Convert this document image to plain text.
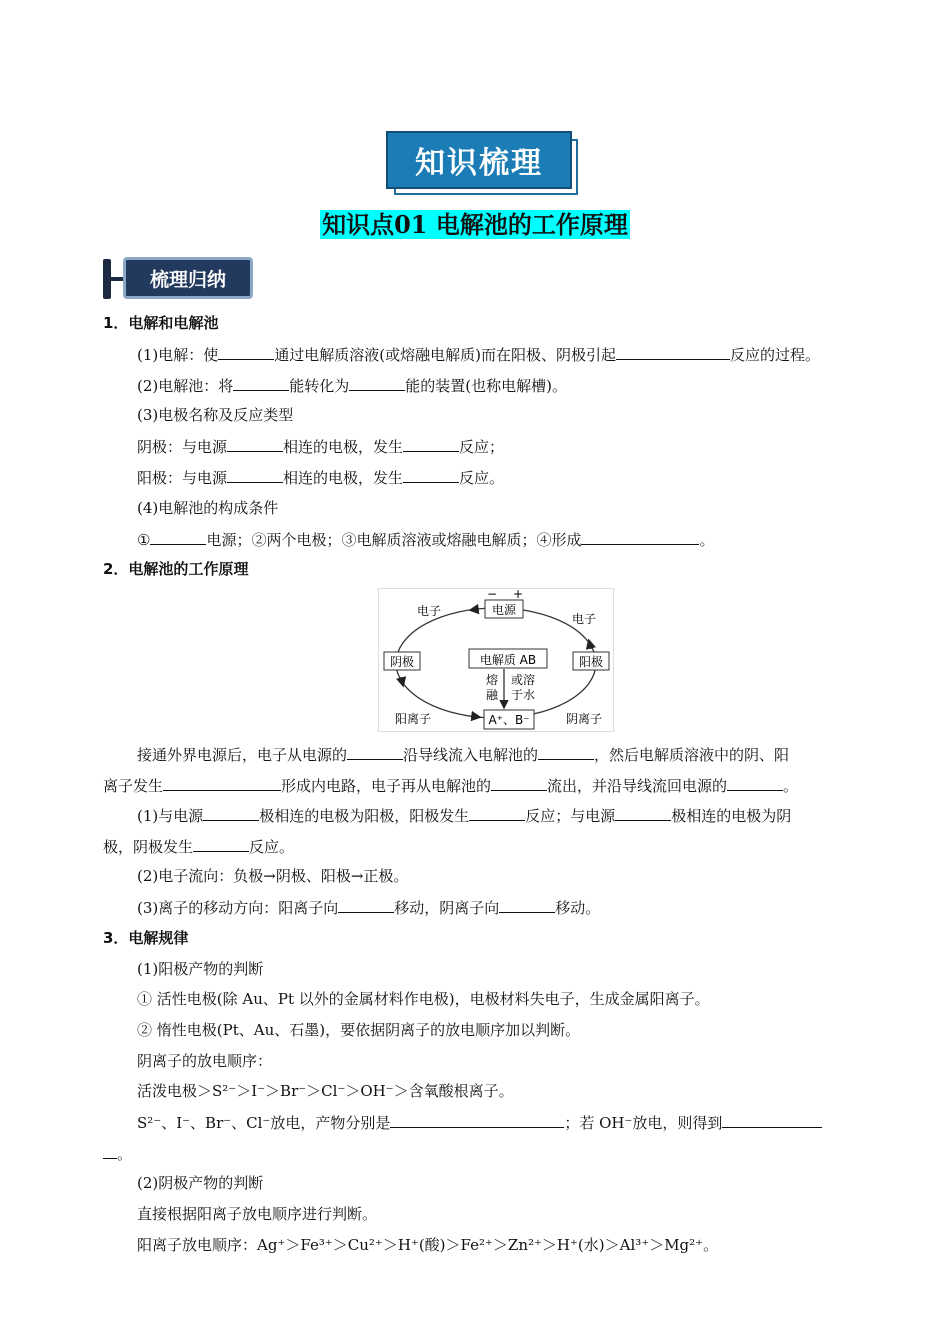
知识梳理
知识点01 电解池的工作原理
梳理归纳
1．电解和电解池
(1)电解：使	通过电解质溶液(或熔融电解质)而在阳极、阴极引起	反应的过程。
(2)电解池：将	能转化为	能的装置(也称电解槽)。
(3)电极名称及反应类型
阴极：与电源	相连的电极，发生	反应；
阳极：与电源	相连的电极，发生	反应。
(4)电解池的构成条件
①	电源；②两个电极；③电解质溶液或熔融电解质；④形成	。
2．电解池的工作原理
电源
− +
阴极	阳极
电解质 AB
熔
融
或溶
于水
A⁺、B⁻
电子
电子
阳离子	阴离子
接通外界电源后，电子从电源的	沿导线流入电解池的	，然后电解质溶液中的阴、阳
离子发生	形成内电路，电子再从电解池的	流出，并沿导线流回电源的	。
(1)与电源	极相连的电极为阳极，阳极发生	反应；与电源	极相连的电极为阴
极，阴极发生	反应。
(2)电子流向：负极→阴极、阳极→正极。
(3)离子的移动方向：阳离子向	移动，阴离子向	移动。
3．电解规律
(1)阳极产物的判断
① 活性电极(除 Au、Pt 以外的金属材料作电极)，电极材料失电子，生成金属阳离子。
② 惰性电极(Pt、Au、石墨)，要依据阴离子的放电顺序加以判断。
阴离子的放电顺序：
活泼电极＞S²⁻＞I⁻＞Br⁻＞Cl⁻＞OH⁻＞含氧酸根离子。
S²⁻、I⁻、Br⁻、Cl⁻放电，产物分别是	；若 OH⁻放电，则得到
。
(2)阴极产物的判断
直接根据阳离子放电顺序进行判断。
阳离子放电顺序：Ag⁺＞Fe³⁺＞Cu²⁺＞H⁺(酸)＞Fe²⁺＞Zn²⁺＞H⁺(水)＞Al³⁺＞Mg²⁺。
